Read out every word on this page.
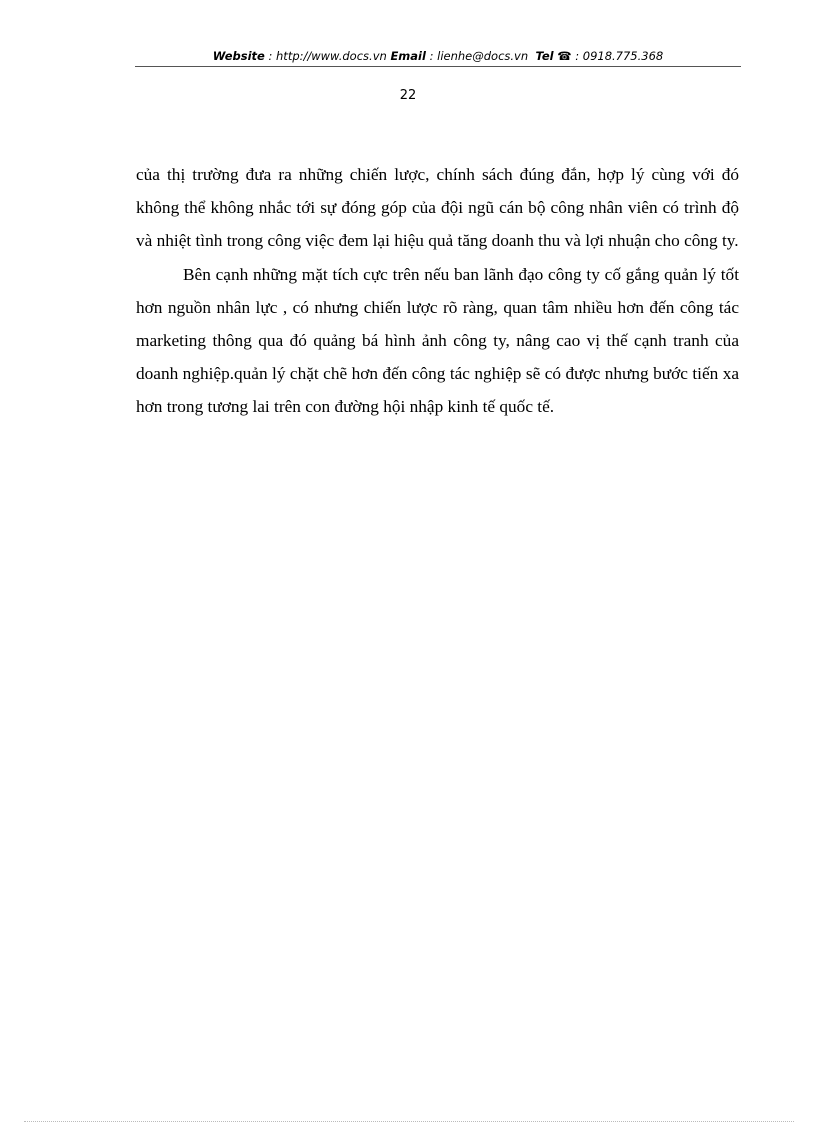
Website : http://www.docs.vn Email : lienhe@docs.vn Tel ☎ : 0918.775.368
22

của thị trường đưa ra những chiến lược, chính sách đúng đắn, hợp lý cùng với đó không thể không nhắc tới sự đóng góp của đội ngũ cán bộ công nhân viên có trình độ và nhiệt tình trong công việc đem lại hiệu quả tăng doanh thu và lợi nhuận cho công ty.

Bên cạnh những mặt tích cực trên nếu ban lãnh đạo công ty cố gắng quản lý tốt hơn nguồn nhân lực , có nhưng chiến lược rõ ràng, quan tâm nhiều hơn đến công tác marketing thông qua đó quảng bá hình ảnh công ty, nâng cao vị thế cạnh tranh của doanh nghiệp.quản lý chặt chẽ hơn đến công tác nghiệp sẽ có được nhưng bước tiến xa hơn trong tương lai trên con đường hội nhập kinh tế quốc tế.
